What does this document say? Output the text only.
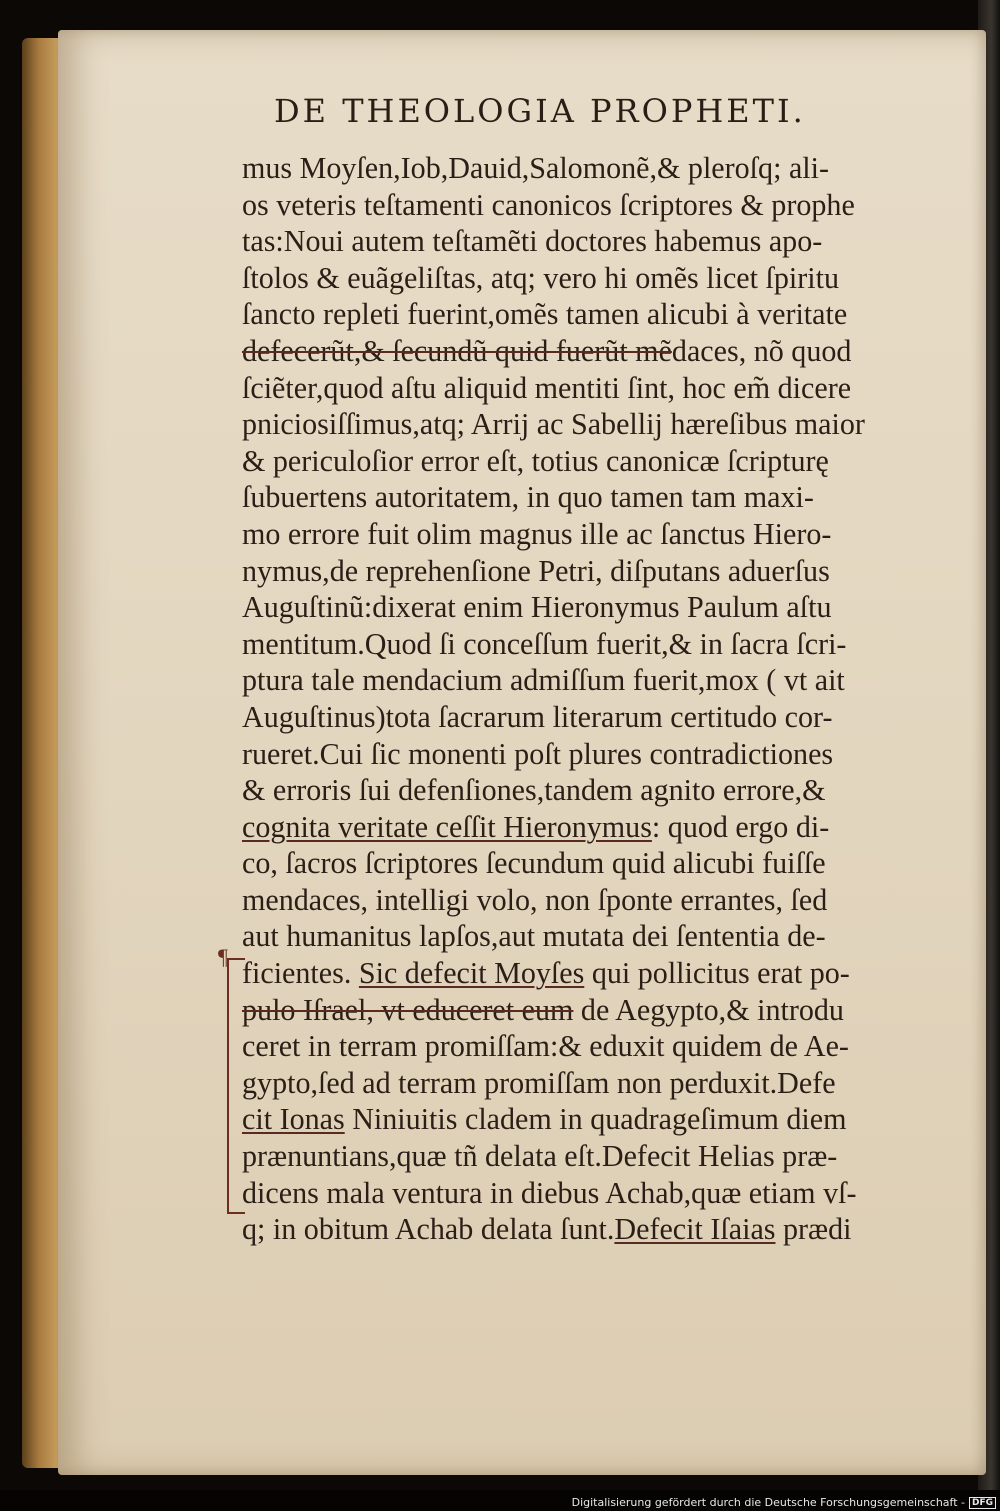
DE THEOLOGIA PROPHETI.
¶
mus Moyſen,Iob,Dauid,Salomonẽ,& pleroſq; ali-
os veteris teſtamenti canonicos ſcriptores & prophe
tas:Noui autem teſtamẽti doctores habemus apo-
ſtolos & euãgeliſtas, atq; vero hi omẽs licet ſpiritu
ſancto repleti fuerint,omẽs tamen alicubi à veritate
defecerũt,& ſecundũ quid fuerũt mẽdaces, nõ quod
ſciẽter,quod aſtu aliquid mentiti ſint, hoc em̃ dicere
pniciosiſſimus,atq; Arrij ac Sabellij hæreſibus maior
& periculoſior error eſt, totius canonicæ ſcripturę
ſubuertens autoritatem, in quo tamen tam maxi-
mo errore fuit olim magnus ille ac ſanctus Hiero-
nymus,de reprehenſione Petri, diſputans aduerſus
Auguſtinũ:dixerat enim Hieronymus Paulum aſtu
mentitum.Quod ſi conceſſum fuerit,& in ſacra ſcri-
ptura tale mendacium admiſſum fuerit,mox ( vt ait
Auguſtinus)tota ſacrarum literarum certitudo cor-
rueret.Cui ſic monenti poſt plures contradictiones
& erroris ſui defenſiones,tandem agnito errore,&
cognita veritate ceſſit Hieronymus: quod ergo di-
co, ſacros ſcriptores ſecundum quid alicubi fuiſſe
mendaces, intelligi volo, non ſponte errantes, ſed
aut humanitus lapſos,aut mutata dei ſententia de-
ficientes. Sic defecit Moyſes qui pollicitus erat po-
pulo Iſrael, vt educeret eum de Aegypto,& introdu
ceret in terram promiſſam:& eduxit quidem de Ae-
gypto,ſed ad terram promiſſam non perduxit.Defe
cit Ionas Niniuitis cladem in quadrageſimum diem
prænuntians,quæ tñ delata eſt.Defecit Helias præ-
dicens mala ventura in diebus Achab,quæ etiam vſ-
q; in obitum Achab delata ſunt.Defecit Iſaias prædi
Digitalisierung gefördert durch die Deutsche Forschungsgemeinschaft - DFG
